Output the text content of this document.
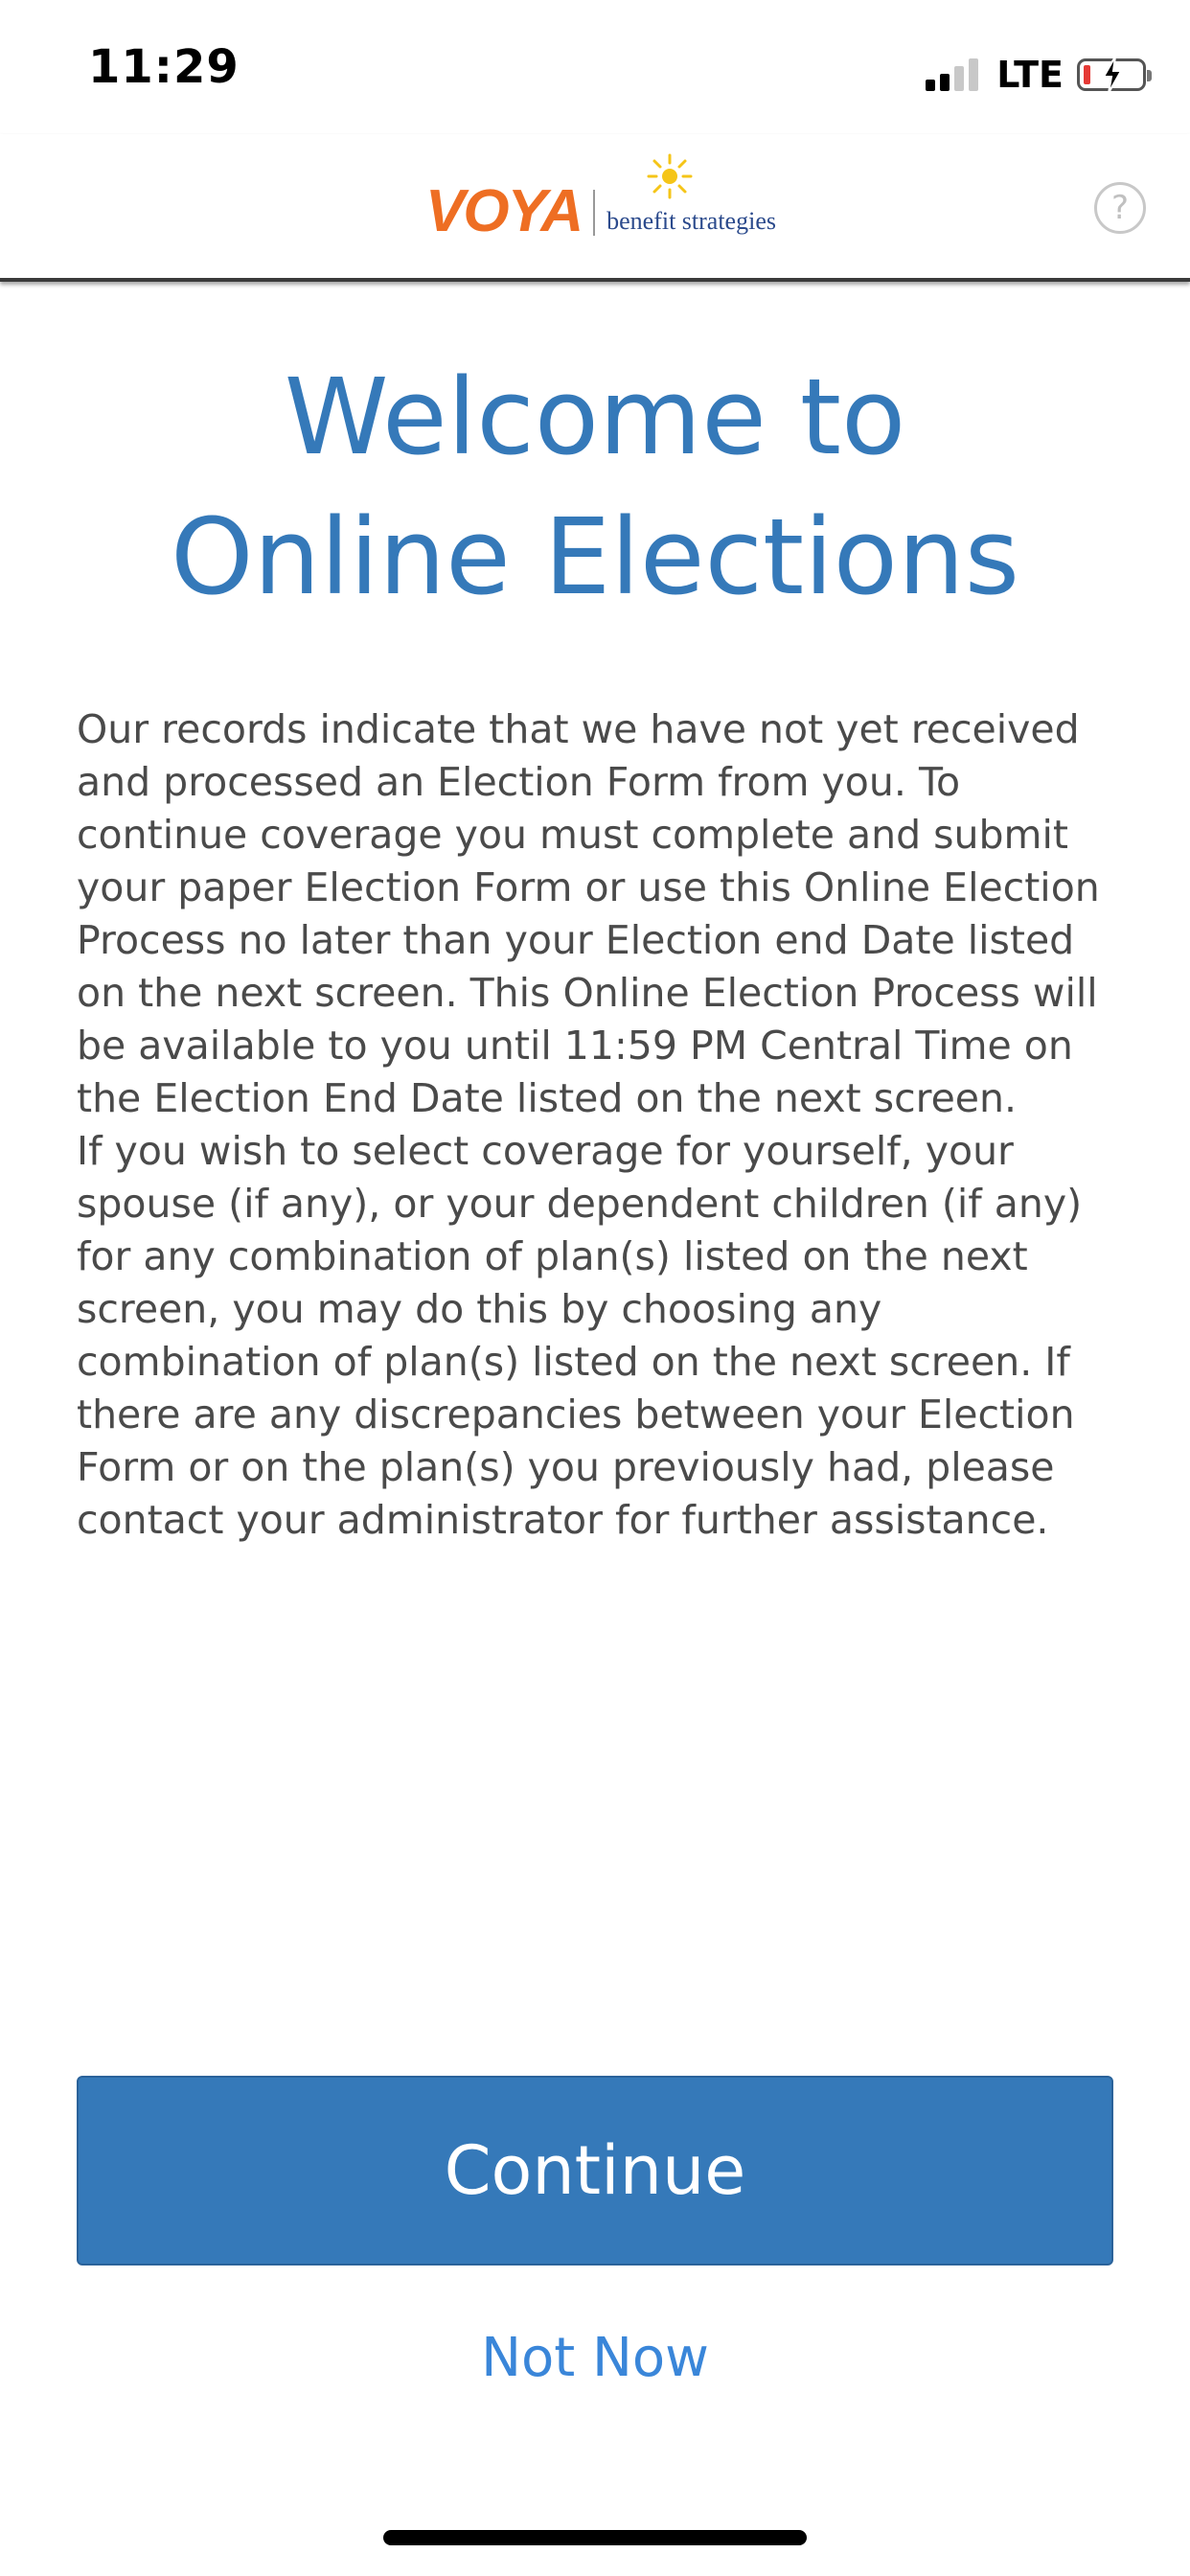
11:29	LTE
VOYA benefit strategies	?
Welcome to
Online Elections

Our records indicate that we have not yet received and processed an Election Form from you. To continue coverage you must complete and submit your paper Election Form or use this Online Election Process no later than your Election end Date listed on the next screen. This Online Election Process will be available to you until 11:59 PM Central Time on the Election End Date listed on the next screen.

If you wish to select coverage for yourself, your spouse (if any), or your dependent children (if any) for any combination of plan(s) listed on the next screen, you may do this by choosing any combination of plan(s) listed on the next screen. If there are any discrepancies between your Election Form or on the plan(s) you previously had, please contact your administrator for further assistance.

Continue
Not Now
